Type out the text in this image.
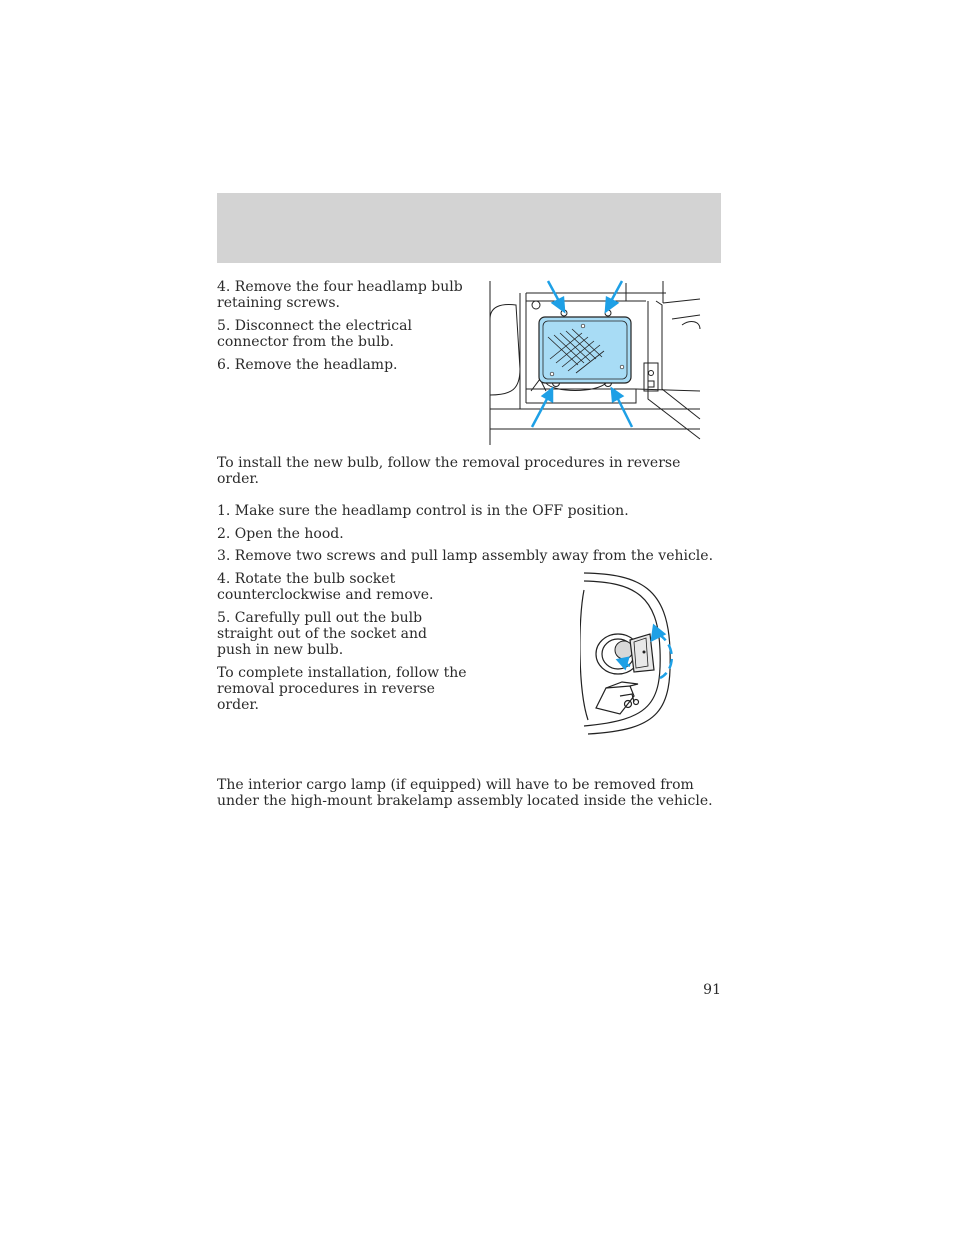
4. Remove the four headlamp bulb retaining screws.

5. Disconnect the electrical connector from the bulb.

6. Remove the headlamp.

To install the new bulb, follow the removal procedures in reverse order.

1. Make sure the headlamp control is in the OFF position.

2. Open the hood.

3. Remove two screws and pull lamp assembly away from the vehicle.

4. Rotate the bulb socket counterclockwise and remove.

5. Carefully pull out the bulb straight out of the socket and push in new bulb.

To complete installation, follow the removal procedures in reverse order.

The interior cargo lamp (if equipped) will have to be removed from under the high-mount brakelamp assembly located inside the vehicle.

91
